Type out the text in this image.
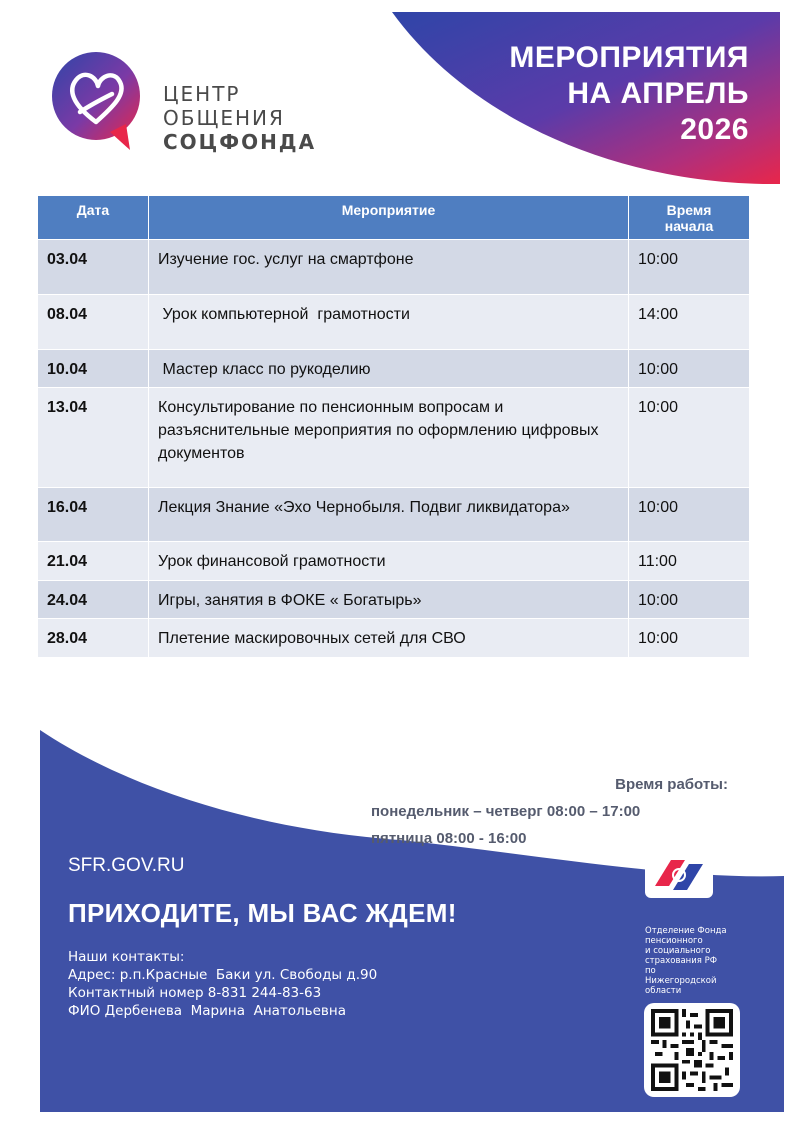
МЕРОПРИЯТИЯ
НА АПРЕЛЬ
2026
ЦЕНТР
ОБЩЕНИЯ
СОЦФОНДА
Дата	Мероприятие	Время
начала

03.04	Изучение гос. услуг на смартфоне	10:00
08.04	Урок компьютерной  грамотности	14:00
10.04	Мастер класс по рукоделию	10:00
13.04	Консультирование по пенсионным вопросам и разъяснительные мероприятия по оформлению цифровых документов	10:00
16.04	Лекция Знание «Эхо Чернобыля. Подвиг ликвидатора»	10:00
21.04	Урок финансовой грамотности	11:00
24.04	Игры, занятия в ФОКЕ « Богатырь»	10:00
28.04	Плетение маскировочных сетей для СВО	10:00
Время работы:
понедельник – четверг 08:00 – 17:00
пятница 08:00 - 16:00
SFR.GOV.RU
ПРИХОДИТЕ, МЫ ВАС ЖДЕМ!
Наши контакты:
Адрес: р.п.Красные  Баки ул. Свободы д.90
Контактный номер 8-831 244-83-63
ФИО Дербенева  Марина  Анатольевна
Отделение Фонда
пенсионного
и социального
страхования РФ
по
Нижегородской
области
